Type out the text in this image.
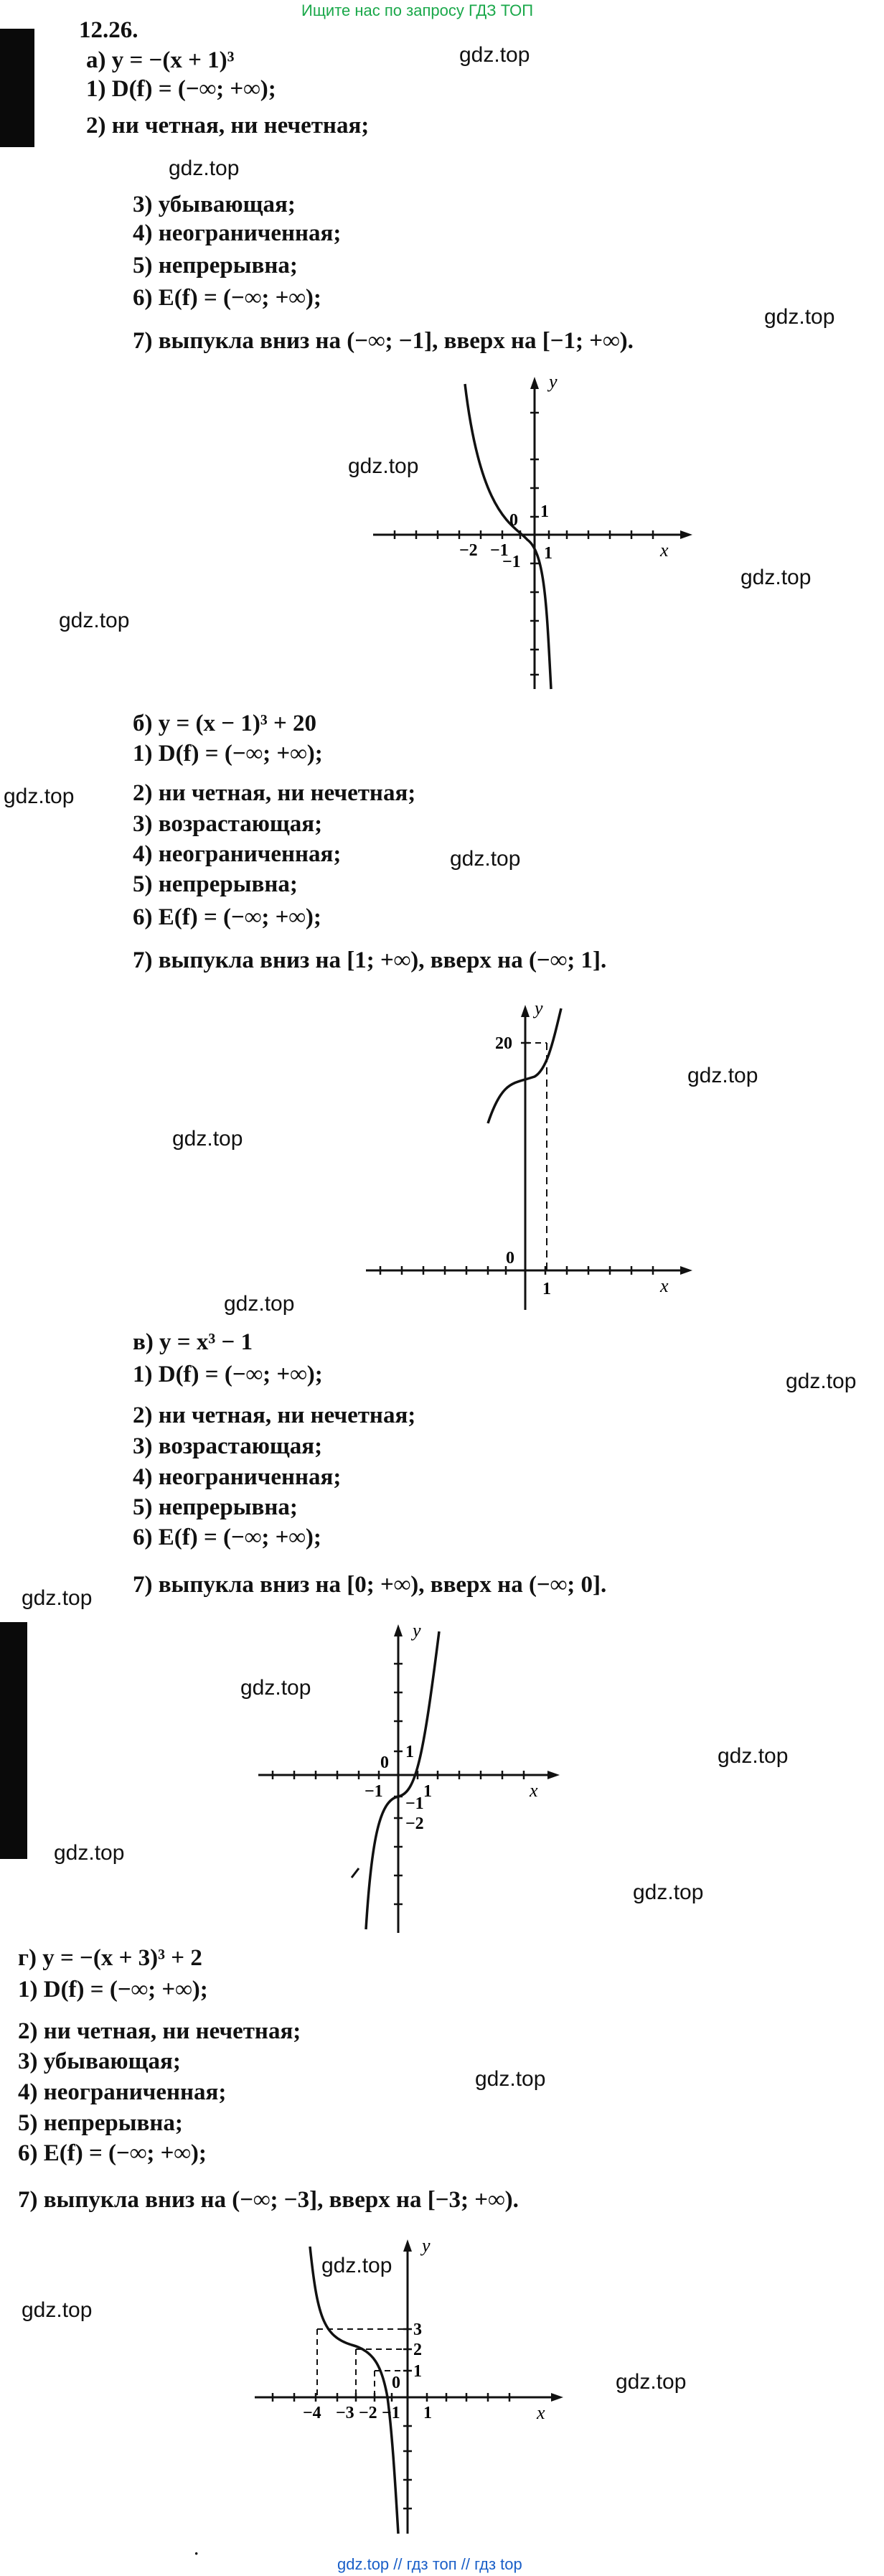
Ищите нас по запросу ГДЗ ТОП
12.26.
а) y = −(x + 1)³
1) D(f) = (−∞; +∞);
2) ни четная, ни нечетная;
3) убывающая;
4) неограниченная;
5) непрерывна;
6) E(f) = (−∞; +∞);
7) выпукла вниз на (−∞; −1], вверх на [−1; +∞).
y
x
0 1
1
−2 −1
−1
б) y = (x − 1)³ + 20
1) D(f) = (−∞; +∞);
2) ни четная, ни нечетная;
3) возрастающая;
4) неограниченная;
5) непрерывна;
6) E(f) = (−∞; +∞);
7) выпукла вниз на [1; +∞), вверх на (−∞; 1].
y
x
20
0
1
в) y = x³ − 1
1) D(f) = (−∞; +∞);
2) ни четная, ни нечетная;
3) возрастающая;
4) неограниченная;
5) непрерывна;
6) E(f) = (−∞; +∞);
7) выпукла вниз на [0; +∞), вверх на (−∞; 0].
y
x
0
1
−1 1
−1
−2
г) y = −(x + 3)³ + 2
1) D(f) = (−∞; +∞);
2) ни четная, ни нечетная;
3) убывающая;
4) неограниченная;
5) непрерывна;
6) E(f) = (−∞; +∞);
7) выпукла вниз на (−∞; −3], вверх на [−3; +∞).
y
x
3
2
1
0
−4 −3 −2 −1 1
·
gdz.top
gdz.top
gdz.top
gdz.top
gdz.top
gdz.top
gdz.top
gdz.top
gdz.top
gdz.top
gdz.top
gdz.top
gdz.top
gdz.top
gdz.top
gdz.top
gdz.top
gdz.top
gdz.top
gdz.top
gdz.top
gdz.top // гдз топ // гдз top
